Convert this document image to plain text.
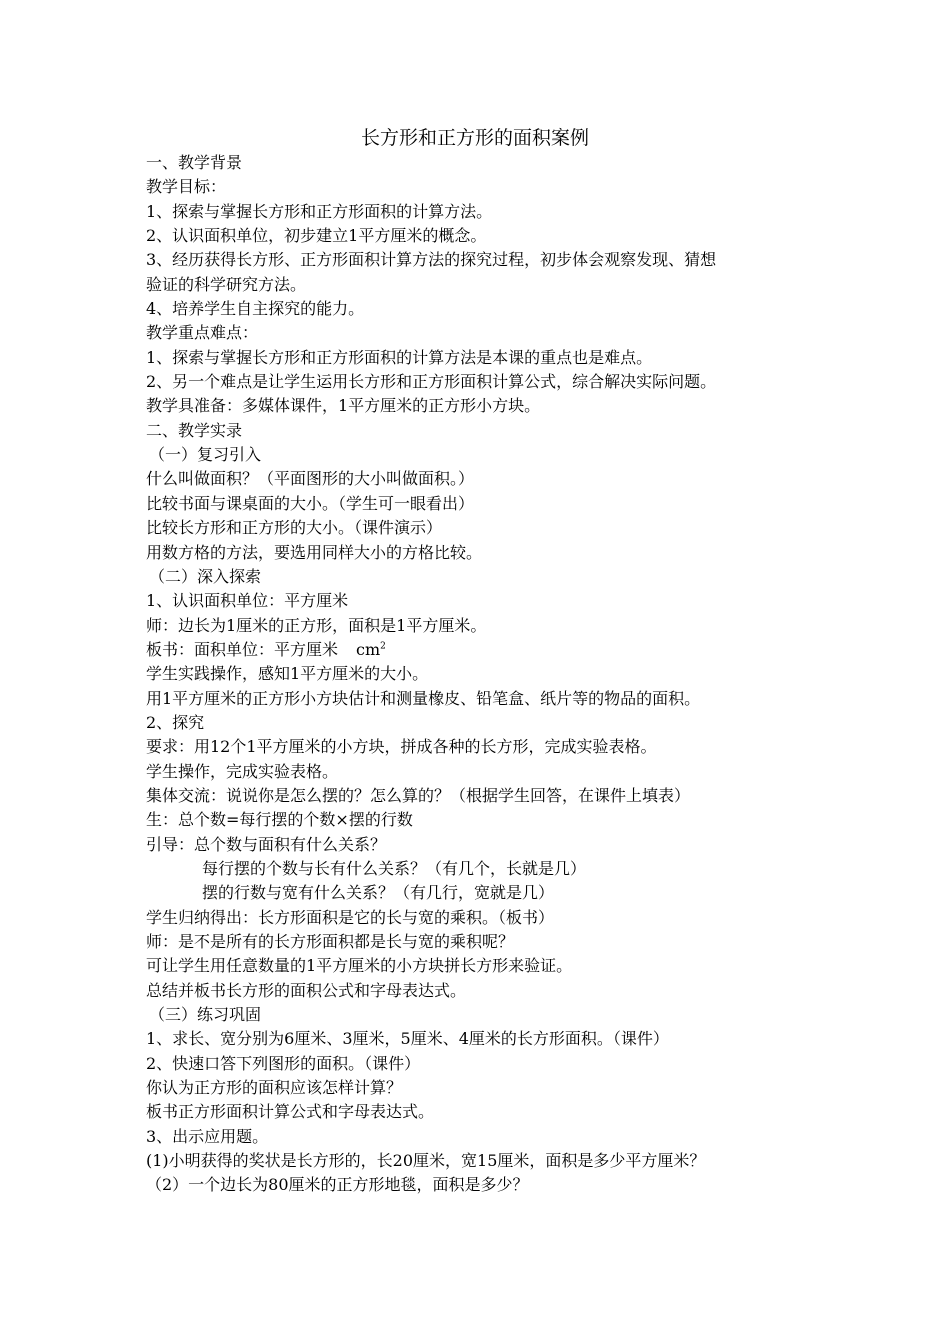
长方形和正方形的面积案例
一、教学背景
教学目标：
1、探索与掌握长方形和正方形面积的计算方法。
2、认识面积单位，初步建立1平方厘米的概念。
3、经历获得长方形、正方形面积计算方法的探究过程，初步体会观察发现、猜想
验证的科学研究方法。
4、培养学生自主探究的能力。
教学重点难点：
1、探索与掌握长方形和正方形面积的计算方法是本课的重点也是难点。
2、另一个难点是让学生运用长方形和正方形面积计算公式，综合解决实际问题。
教学具准备：多媒体课件，1平方厘米的正方形小方块。
二、教学实录
（一）复习引入
什么叫做面积？（平面图形的大小叫做面积。）
比较书面与课桌面的大小。（学生可一眼看出）
比较长方形和正方形的大小。（课件演示）
用数方格的方法，要选用同样大小的方格比较。
（二）深入探索
1、认识面积单位：平方厘米
师：边长为1厘米的正方形，面积是1平方厘米。
板书：面积单位：平方厘米 $cm^2$
学生实践操作，感知1平方厘米的大小。
用1平方厘米的正方形小方块估计和测量橡皮、铅笔盒、纸片等的物品的面积。
2、探究
要求：用12个1平方厘米的小方块，拼成各种的长方形，完成实验表格。
学生操作，完成实验表格。
集体交流：说说你是怎么摆的？怎么算的？（根据学生回答，在课件上填表）
生：总个数=每行摆的个数×摆的行数
引导：总个数与面积有什么关系？
每行摆的个数与长有什么关系？（有几个，长就是几）
摆的行数与宽有什么关系？（有几行，宽就是几）
学生归纳得出：长方形面积是它的长与宽的乘积。（板书）
师：是不是所有的长方形面积都是长与宽的乘积呢？
可让学生用任意数量的1平方厘米的小方块拼长方形来验证。
总结并板书长方形的面积公式和字母表达式。
（三）练习巩固
1、求长、宽分别为6厘米、3厘米，5厘米、4厘米的长方形面积。（课件）
2、快速口答下列图形的面积。（课件）
你认为正方形的面积应该怎样计算？
板书正方形面积计算公式和字母表达式。
3、出示应用题。
(1)小明获得的奖状是长方形的，长20厘米，宽15厘米，面积是多少平方厘米？
（2）一个边长为80厘米的正方形地毯，面积是多少？
